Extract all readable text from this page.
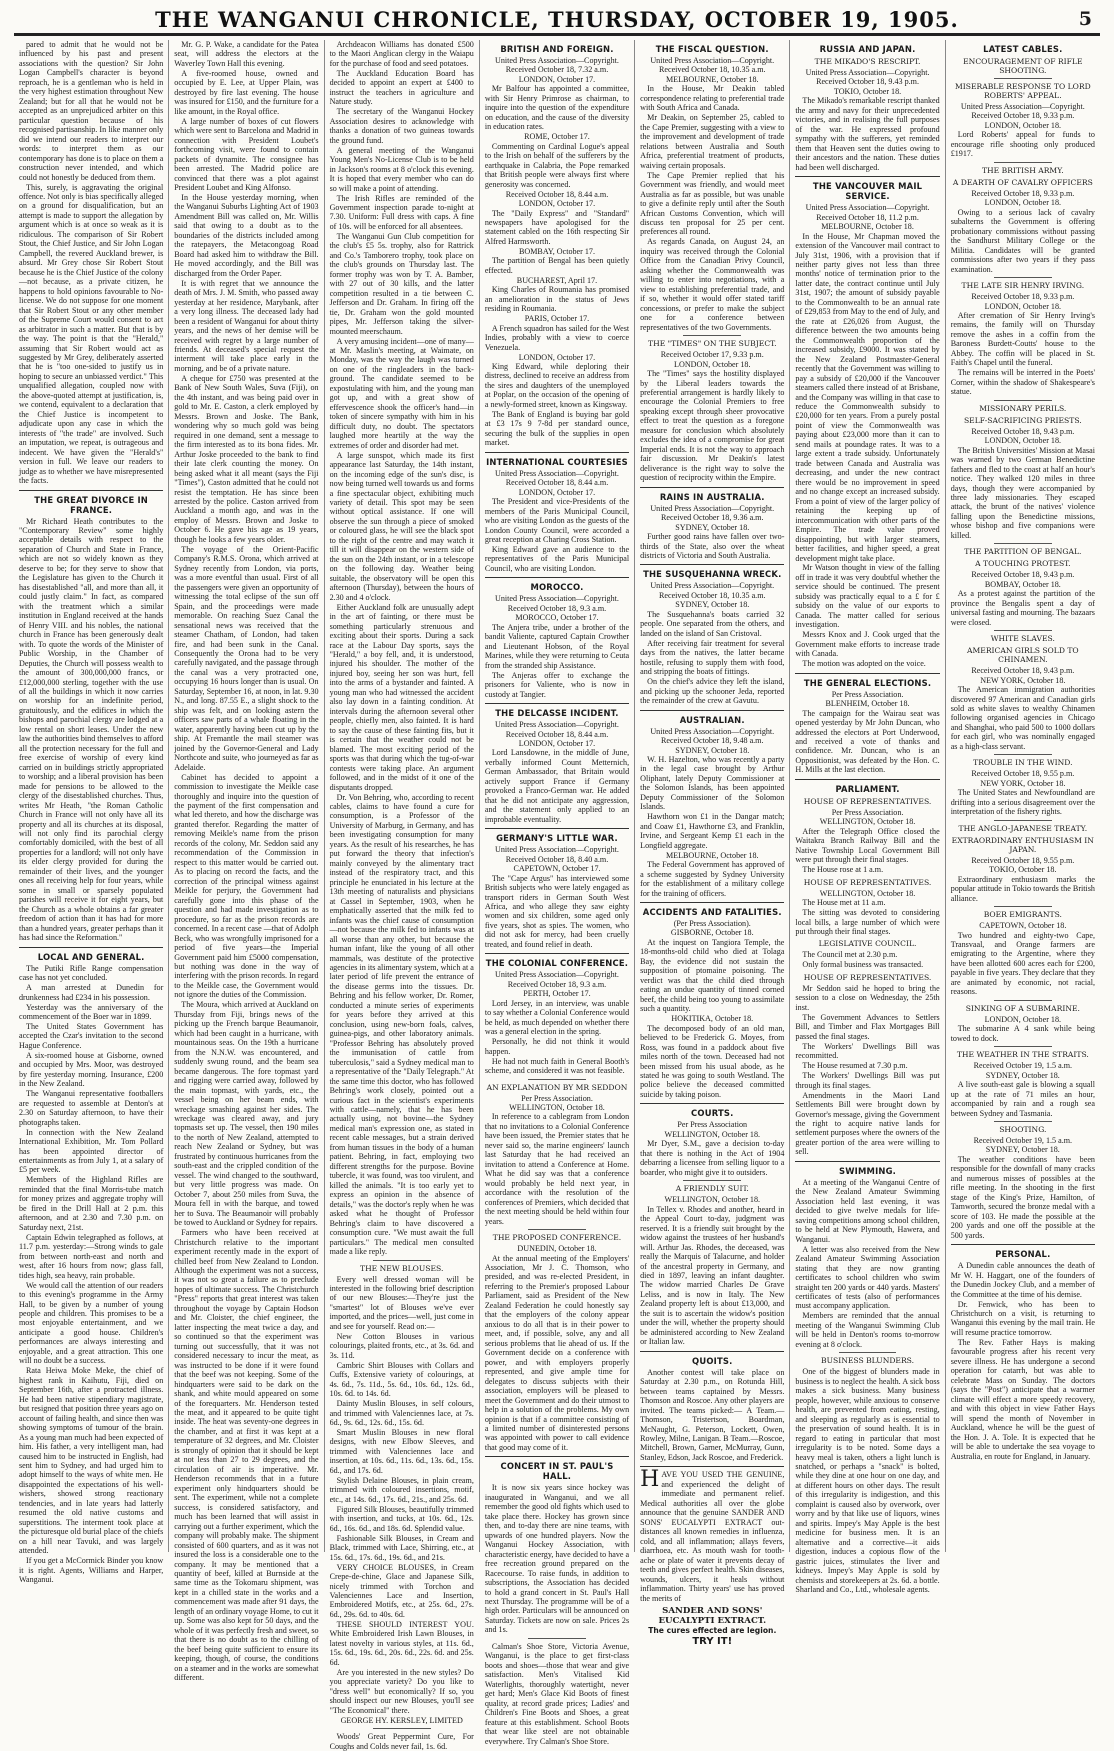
THE WANGANUI CHRONICLE, THURSDAY, OCTOBER 19, 1905.	5

pared to admit that he would not be influenced by his past and present associations with the question? Sir John Logan Campbell's character is beyond reproach, he is a gentleman who is held in the very highest estimation throughout New Zealand; but for all that he would not be accepted as an unprejudiced arbiter on this particular question because of his recognised partisanship. In like manner only did we intend our readers to interpret our words: to interpret them as our contemporary has done is to place on them a construction never intended, and which could not honestly be deduced from them.

This, surely, is aggravating the original offence. Not only is bias specifically alleged on a ground for disqualification, but an attempt is made to support the allegation by argument which is at once so weak as it is ridiculous. The comparison of Sir Robert Stout, the Chief Justice, and Sir John Logan Campbell, the revered Auckland brewer, is absurd. Mr Grey chose Sir Robert Stout because he is the Chief Justice of the colony—not because, as a private citizen, he happens to hold opinions favourable to No-license. We do not suppose for one moment that Sir Robert Stout or any other member of the Supreme Court would consent to act as arbitrator in such a matter. But that is by the way. The point is that the "Herald," assuming that Sir Robert would act as suggested by Mr Grey, deliberately asserted that he is "too one-sided to justify us in hoping to secure an unbiassed verdict." This unqualified allegation, coupled now with the above-quoted attempt at justification, is, we contend, equivalent to a declaration that the Chief Justice is incompetent to adjudicate upon any case in which the interests of "the trade" are involved. Such an imputation, we repeat, is outrageous and indecent. We have given the "Herald's" version in full. We leave our readers to judge as to whether we have misrepresented the facts.

THE GREAT DIVORCE IN FRANCE.

Mr Richard Heath contributes to the "Contemporary Review" some highly acceptable details with respect to the separation of Church and State in France, which are not so widely known as they deserve to be; for they serve to show that the Legislature has given to the Church it has disestablished "all, and more than all, it could justly claim." In fact, as compared with the treatment which a similar institution in England received at the hands of Henry VIII. and his nobles, the national church in France has been generously dealt with. To quote the words of the Minister of Public Worship, in the Chamber of Deputies, the Church will possess wealth to the amount of 300,000,000 francs, or £12,000,000 sterling, together with the use of all the buildings in which it now carries on worship for an indefinite period, gratuitously, and the edifices in which the bishops and parochial clergy are lodged at a low rental on short leases. Under the new law the authorities bind themselves to afford all the protection necessary for the full and free exercise of worship of every kind carried on in buildings strictly appropriated to worship; and a liberal provision has been made for pensions to be allowed to the clergy of the disestablished churches. Thus, writes Mr Heath, "the Roman Catholic Church in France will not only have all its property and all its churches at its disposal, will not only find its parochial clergy comfortably domiciled, with the best of all properties for a landlord; will not only have its elder clergy provided for during the remainder of their lives, and the younger ones all receiving help for four years, while some in small or sparsely populated parishes will receive it for eight years, but the Church as a whole obtains a far greater freedom of action than it has had for more than a hundred years, greater perhaps than it has had since the Reformation."

LOCAL AND GENERAL.

The Putiki Rifle Range compensation case has not yet concluded.

A man arrested at Dunedin for drunkenness had £234 in his possession.

Yesterday was the anniversary of the commencement of the Boer war in 1899.

The United States Government has accepted the Czar's invitation to the second Hague Conference.

A six-roomed house at Gisborne, owned and occupied by Mrs. Moor, was destroyed by fire yesterday morning. Insurance, £200 in the New Zealand.

The Wanganui representative footballers are requested to assemble at Denton's at 2.30 on Saturday afternoon, to have their photographs taken.

In connection with the New Zealand International Exhibition, Mr. Tom Pollard has been appointed director of entertainments as from July 1, at a salary of £5 per week.

Members of the Highland Rifles are reminded that the final Morris-tube match for money prizes and aggregate trophy will be fired in the Drill Hall at 2 p.m. this afternoon, and at 2.30 and 7.30 p.m. on Saturday next, 21st.

Captain Edwin telegraphed as follows, at 11.7 p.m. yesterday:—Strong winds to gale from between north-east and north and west, after 16 hours from now; glass fall, tides high, sea heavy, rain probable.

We would call the attention of our readers to this evening's programme in the Army Hall, to be given by a number of young people and children. This promises to be a most enjoyable entertainment, and we anticipate a good house. Children's performances are always interesting and enjoyable, and a great attraction. This one will no doubt be a success.

Rata Heiwa Moke Meke, the chief of highest rank in Kaihutu, Fiji, died on September 16th, after a protracted illness. He had been native stipendiary magistrate, but resigned that position three years ago on account of failing health, and since then was showing symptoms of tumour of the brain. As a young man much had been expected of him. His father, a very intelligent man, had caused him to be instructed in English, had sent him to Sydney, and had urged him to adopt himself to the ways of white men. He disappointed the expectations of his well-wishers, showed strong reactionary tendencies, and in late years had latterly resumed the old native customs and superstitions. The interment took place at the picturesque old burial place of the chiefs on a hill near Tavuki, and was largely attended.

If you get a McCormick Binder you know it is right. Agents, Williams and Harper, Wanganui.

Mr. G. P. Wake, a candidate for the Patea seat, will address the electors at the Waverley Town Hall this evening.

A five-roomed house, owned and occupied by E. Lee, at Upper Plain, was destroyed by fire last evening. The house was insured for £150, and the furniture for a like amount, in the Royal office.

A large number of boxes of cut flowers which were sent to Barcelona and Madrid in connection with President Loubet's forthcoming visit, were found to contain packets of dynamite. The consignee has been arrested. The Madrid police are convinced that there was a plot against President Loubet and King Alfonso.

In the House yesterday morning, when the Wanganui Suburbs Lighting Act of 1903 Amendment Bill was called on, Mr. Willis said that owing to a doubt as to the boundaries of the districts included among the ratepayers, the Metacongoag Road Board had asked him to withdraw the Bill. He moved accordingly, and the Bill was discharged from the Order Paper.

It is with regret that we announce the death of Mrs. J. M. Smith, who passed away yesterday at her residence, Marybank, after a very long illness. The deceased lady had been a resident of Wanganui for about thirty years, and the news of her demise will be received with regret by a large number of friends. At deceased's special request the interment will take place early in the morning, and be of a private nature.

A cheque for £750 was presented at the Bank of New South Wales, Suva (Fiji), on the 4th instant, and was being paid over in gold to Mr. E. Caston, a clerk employed by Messrs. Brown and Joske. The Bank, wondering why so much gold was being required in one demand, sent a message to the firm interested as to its bona fides. Mr. Arthur Joske proceeded to the bank to find their late clerk counting the money. On being asked what it all meant (says the Fiji "Times"), Caston admitted that he could not resist the temptation. He has since been arrested by the police. Caston arrived from Auckland a month ago, and was in the employ of Messrs. Brown and Joske to October 6. He gave his age as 19 years, though he looks a few years older.

The voyage of the Orient-Pacific Company's R.M.S. Orona, which arrived at Sydney recently from London, via ports, was a more eventful than usual. First of all the passengers were given an opportunity of witnessing the total eclipse of the sun off Spain, and the proceedings were made memorable. On reaching Suez Canal the sensational news was received that the steamer Chatham, of London, had taken fire, and had been sunk in the Canal. Consequently the Orona had to be very carefully navigated, and the passage through the canal was a very protracted one, occupying 16 hours longer than is usual. On Saturday, September 16, at noon, in lat. 9.30 N., and long. 87.55 E., a slight shock to the ship was felt, and on looking astern the officers saw parts of a whale floating in the water, apparently having been cut up by the ship. At Fremantle the mail steamer was joined by the Governor-General and Lady Northcote and suite, who journeyed as far as Adelaide.

Cabinet has decided to appoint a commission to investigate the Meikle case thoroughly and inquire into the question of the payment of the first compensation and what led thereto, and how the discharge was granted therefor. Regarding the matter of removing Meikle's name from the prison records of the colony, Mr. Seddon said any recommendation of the Commission in respect to this matter would be carried out. As to placing on record the facts, and the correction of the principal witness against Meikle for perjury, the Government had carefully gone into this phase of the question and had made investigation as to procedure, so far as the prison records are concerned. In a recent case —that of Adolph Beck, who was wrongfully imprisoned for a period of five years—the Imperial Government paid him £5000 compensation, but nothing was done in the way of interfering with the prison records. In regard to the Meikle case, the Government would not ignore the duties of the Commission.

The Moura, which arrived at Auckland on Thursday from Fiji, brings news of the picking up the French barque Beaumanoir, which had been caught in a hurricane, with mountainous seas. On the 19th a hurricane from the N.N.W. was encountered, and suddenly swung round, and the beam sea became dangerous. The fore topmast yard and rigging were carried away, followed by the main topmast, with yards, etc., the vessel being on her beam ends, with wreckage smashing against her sides. The wreckage was cleared away, and jury topmasts set up. The vessel, then 190 miles to the north of New Zealand, attempted to reach New Zealand or Sydney, but was frustrated by continuous hurricanes from the south-east and the crippled condition of the vessel. The wind changed to the southward, but very little progress was made. On October 7, about 250 miles from Suva, the Moura fell in with the barque, and towed her to Suva. The Beaumanoir will probably be towed to Auckland or Sydney for repairs.

Farmers who have been received at Christchurch relative to the important experiment recently made in the export of chilled beef from New Zealand to London. Although the experiment was not a success, it was not so great a failure as to preclude hopes of ultimate success. The Christchurch "Press" reports that great interest was taken throughout the voyage by Captain Hodson and Mr. Cloister, the chief engineer, the latter inspecting the meat twice a day, and so continued so that the experiment was turning out successfully, that it was not considered necessary to incur the meat, as was instructed to be done if it were found that the beef was not keeping. Some of the hindquarters were said to be dark on the shank, and white mould appeared on some of the forequarters. Mr. Henderson tested the meat, and it appeared to be quite tight inside. The heat was seventy-one degrees in the chamber, and at first it was kept at a temperature of 32 degrees, and Mr. Cloister is strongly of opinion that it should be kept at not less than 27 to 29 degrees, and the circulation of air is imperative. Mr. Henderson recommends that in a future experiment only hindquarters should be sent. The experiment, while not a complete success, is considered satisfactory, and much has been learned that will assist in carrying out a further experiment, which the company will probably make. The shipment consisted of 600 quarters, and as it was not insured the loss is a considerable one to the company. It may be mentioned that a quantity of beef, killed at Burnside at the same time as the Tokomaru shipment, was kept in a chilled state in the works and a commencement was made after 91 days, the length of an ordinary voyage Home, to cut it up. Some was also kept for 50 days, and the whole of it was perfectly fresh and sweet, so that there is no doubt as to the chilling of the beef being quite sufficient to ensure its keeping, though, of course, the conditions on a steamer and in the works are somewhat different.

Archdeacon Williams has donated £500 to the Maori Anglican clergy in the Waiapu for the purchase of food and seed potatoes.

The Auckland Education Board has decided to appoint an expert at £400 to instruct the teachers in agriculture and Nature study.

The secretary of the Wanganui Hockey Association desires to acknowledge with thanks a donation of two guineas towards the ground fund.

A general meeting of the Wanganui Young Men's No-License Club is to be held in Jackson's rooms at 8 o'clock this evening. It is hoped that every member who can do so will make a point of attending.

The Irish Rifles are reminded of the Government inspection parade to-night at 7.30. Uniform: Full dress with caps. A fine of 10s. will be enforced for all absentees.

The Wanganui Gun Club competition for the club's £5 5s. trophy, also for Rattrick and Co.'s Tamborero trophy, took place on the club's grounds on Thursday last. The former trophy was won by T. A. Bamber, with 27 out of 30 kills, and the latter competition resulted in a tie between C. Jefferson and Dr. Graham. In firing off the tie, Dr. Graham won the gold mounted pipes, Mr. Jefferson taking the silver-mounted meerschaum.

A very amusing incident—one of many—at Mr. Maslin's meeting, at Waimate, on Monday, was the way the laugh was turned on one of the ringleaders in the back-ground. The candidate seemed to be expostulating with him, and the young man got up, and with a great show of effervescence shook the officer's hand—in token of sincere sympathy with him in his difficult duty, no doubt. The spectators laughed more heartily at the way the extremes of order and disorder had met.

A large sunspot, which made its first appearance last Saturday, the 14th instant, on the incoming edge of the sun's disc, is now being turned well towards us and forms a fine spectacular object, exhibiting much variety of detail. This spot may be seen without optical assistance. If one will observe the sun through a piece of smoked or coloured glass, he will see the black spot to the right of the centre and may watch it till it will disappear on the western side of the sun on the 24th instant, or in a telescope on the following day. Weather being suitable, the observatory will be open this afternoon (Thursday), between the hours of 2.30 and 4 o'clock.

Either Auckland folk are unusually adept in the art of fainting, or there must be something particularly strenuous and exciting about their sports. During a sack race at the Labour Day sports, says the "Herald," a boy fell, and, it is understood, injured his shoulder. The mother of the injured boy, seeing her son was hurt, fell into the arms of a bystander and fainted. A young man who had witnessed the accident also lay down in a fainting condition. At intervals during the afternoon several other people, chiefly men, also fainted. It is hard to say the cause of these fainting fits, but it is certain that the weather could not be blamed. The most exciting period of the sports was that during which the tug-of-war contests were taking place. An argument followed, and in the midst of it one of the disputants dropped.

Dr. Von Behring, who, according to recent cables, claims to have found a cure for consumption, is a Professor of the University of Marburg, in Germany, and has been investigating consumption for many years. As the result of his researches, he has put forward the theory that infection's mainly conveyed by the alimentary tract instead of the respiratory tract, and this principle he enunciated in his lecture at the 13th meeting of naturalists and physicians at Cassel in September, 1903, when he emphatically asserted that the milk fed to infants was the chief cause of consumption—not because the milk fed to infants was at all worse than any other, but because the human infant, like the young of all other mammals, was destitute of the protective agencies in its alimentary system, which at a later period of life prevent the entrance of the disease germs into the tissues. Dr. Behring and his fellow worker, Dr. Romer, conducted a minute series of experiments for years before they arrived at this conclusion, using new-born foals, calves, guinea-pigs, and other laboratory animals. "Professor Behring has absolutely proved the immunisation of cattle from tuberculosis," said a Sydney medical man to a representative of the "Daily Telegraph." At the same time this doctor, who has followed Behring's work closely, pointed out a curious fact in the scientist's experiments with cattle—namely, that he has been actually using, not bovine—the Sydney medical man's expression one, as stated in recent cable messages, but a strain derived from human tissues in the body of a human patient. Behring, in fact, employing two different strengths for the purpose. Bovine tubercle, it was found, was too virulent, and killed the animals. "It is too early yet to express an opinion in the absence of details," was the doctor's reply when he was asked what he thought of Professor Behring's claim to have discovered a consumption cure. "We must await the full particulars." The medical men consulted made a like reply.

THE NEW BLOUSES.

Every well dressed woman will be interested in the following brief description of our new Blouses:—They're just the "smartest" lot of Blouses we've ever imported, and the prices—well, just come in and see for yourself. Read on:—

New Cotton Blouses in various colourings, plaited fronts, etc., at 3s. 6d. and 3s. 11d.

Cambric Shirt Blouses with Collars and Cuffs, Extensive variety of colourings, at 4s. 6d., 7s. 11d., 5s. 6d., 10s. 6d., 12s. 6d., 10s. 6d. to 14s. 6d.

Dainty Muslin Blouses, in self colours, and trimmed with Valenciennes lace, at 7s. 6d., 9s. 6d., 12s. 6d., 15s. 6d.

Smart Muslin Blouses in new floral designs, with new Elbow Sleeves, and trimmed with Valenciennes lace and insertion, at 10s. 6d., 11s. 6d., 13s. 6d., 15s. 6d., and 17s. 6d.

Stylish Delaine Blouses, in plain cream, trimmed with coloured insertions, motif, etc., at 14s. 6d., 17s. 6d., 21s., and 25s. 6d.

Figured Silk Blouses, beautifully trimmed with insertion, and tucks, at 10s. 6d., 12s. 6d., 16s. 6d., and 18s. 6d. Splendid value.

Fashionable Silk Blouses, in Cream and Black, trimmed with Lace, Shirring, etc., at 15s. 6d., 17s. 6d., 19s. 6d., and 21s.

VERY CHOICE BLOUSES, in Cream Crepe-de-chine, Glace and Japanese Silk, nicely trimmed with Torchon and Valenciennes Lace and Insertion, Embroidered Motifs, etc., at 25s. 6d., 27s. 6d., 29s. 6d. to 40s. 6d.

THESE SHOULD INTEREST YOU. White Embroidered Irish Lawn Blouses, in latest novelty in various styles, at 11s. 6d., 15s. 6d., 19s. 6d., 20s. 6d., 22s. 6d. and 25s. 6d.

Are you interested in the new styles? Do you appreciate variety? Do you like to "dress well" but economically? If so, you should inspect our new Blouses, you'll see "The Economical" there.

GEORGE HY. KERSLEY, LIMITED

Woods' Great Peppermint Cure, For Coughs and Colds never fail, 1s. 6d.

BRITISH AND FOREIGN.
United Press Association—Copyright. Received October 18, 7.32 a.m.
LONDON, October 17.

Mr Balfour has appointed a committee, with Sir Henry Primrose as chairman, to inquire into the question of the expenditure on education, and the cause of the diversity in education rates.

ROME, October 17.

Commenting on Cardinal Logue's appeal to the Irish on behalf of the sufferers by the earthquake in Calabria, the Pope remarked that British people were always first where generosity was concerned.

Received October 18, 8.44 a.m.
LONDON, October 17.

The "Daily Express" and "Standard" newspapers have apologised for the statement cabled on the 16th respecting Sir Alfred Harmsworth.

BOMBAY, October 17.

The partition of Bengal has been quietly effected.

BUCHAREST, April 17.

King Charles of Roumania has promised an amelioration in the status of Jews residing in Roumania.

PARIS, October 17.

A French squadron has sailed for the West Indies, probably with a view to coerce Venezuela.

LONDON, October 17.

King Edward, while deploring their distress, declined to receive an address from the sires and daughters of the unemployed at Poplar, on the occasion of the opening of a newly-formed street, known as Kingsway.

The Bank of England is buying bar gold at £3 17s 9 7-8d per standard ounce, securing the bulk of the supplies in open market.

INTERNATIONAL COURTESIES
United Press Association—Copyright. Received October 18, 8.44 a.m.
LONDON, October 17.

The President and vice-Presidents of the members of the Paris Municipal Council, who are visiting London as the guests of the London County Council, were accorded a great reception at Charing Cross Station.

King Edward gave an audience to the representatives of the Paris Municipal Council, who are visiting London.

MOROCCO.
United Press Association—Copyright. Received October 18, 9.3 a.m.
MOROCCO, October 17.

The Anjera tribe, under a brother of the bandit Valiente, captured Captain Crowther and Lieutenant Hobson, of the Royal Marines, while they were returning to Ceuta from the stranded ship Assistance.

The Anjeras offer to exchange the prisoners for Valiente, who is now in custody at Tangier.

THE DELCASSE INCIDENT.
United Press Association—Copyright. Received October 18, 8.44 a.m.
LONDON, October 17.

Lord Lansdowne, in the middle of June, verbally informed Count Metternich, German Ambassador, that Britain would actively support France if Germany provoked a Franco-German war. He added that he did not anticipate any aggression, and the statement only applied to an improbable eventuality.

GERMANY'S LITTLE WAR.
United Press Association—Copyright. Received October 18, 8.40 a.m.
CAPETOWN, October 17.

The "Cape Argus" has interviewed some British subjects who were lately engaged as transport riders in German South West Africa, and who allege they saw eighty women and six children, some aged only five years, shot as spies. The women, who did not ask for mercy, had been cruelly treated, and found relief in death.

THE COLONIAL CONFERENCE.
United Press Association—Copyright. Received October 18, 9.3 a.m.
PERTH, October 17.

Lord Jersey, in an interview, was unable to say whether a Colonial Conference would be held, as much depended on whether there was a general election in the spring.

Personally, he did not think it would happen.

He had not much faith in General Booth's scheme, and considered it was not feasible.

AN EXPLANATION BY MR SEDDON
Per Press Association.
WELLINGTON, October 18.

In reference to a cablegram from London that no invitations to a Colonial Conference have been issued, the Premier states that he never said so, the marine engineers' launch last Saturday that he had received an invitation to attend a Conference at Home. What he did say was that a conference would probably be held next year, in accordance with the resolution of the conferences of Premiers, which decided that the next meeting should be held within four years.

THE PROPOSED CONFERENCE.
DUNEDIN, October 18.

At the annual meeting of the Employers' Association, Mr J. C. Thomson, who presided, and was re-elected President, in referring to the Premier's proposed Labour Parliament, said as President of the New Zealand Federation he could honestly say that the employers of the colony appear anxious to do all that is in their power to meet, and, if possible, solve, any and all serious problems that lie ahead of us. If the Government decide on a conference with power, and with employers properly represented, and give ample time for delegates to discuss subjects with their association, employers will be pleased to meet the Government and do their utmost to help in a solution of the problems. My own opinion is that if a committee consisting of a limited number of disinterested persons was appointed with power to call evidence that good may come of it.

CONCERT IN ST. PAUL'S HALL.

It is now six years since hockey was inaugurated in Wanganui, and we all remember the good old fights which used to take place there. Hockey has grown since then, and to-day there are nine teams, with upwards of one hundred players. Now the Wanganui Hockey Association, with characteristic energy, have decided to have a free recreation ground prepared on the Racecourse. To raise funds, in addition to subscriptions, the Association has decided to hold a grand concert in St. Paul's Hall next Thursday. The programme will be of a high order. Particulars will be announced on Saturday. Tickets are now on sale. Prices 2s and 1s.

Calman's Shoe Store, Victoria Avenue, Wanganui, is the place to get first-class boots and shoes—those that wear and give satisfaction. Men's Vitalised Kid Waterlights, thoroughly watertight, never get hard; Men's Glace Kid Boots of finest quality, at record grade prices; Ladies' and Children's Fine Boots and Shoes, a great feature at this establishment. School Boots that wear like steel are not obtainable everywhere. Try Calman's Shoe Store.

THE FISCAL QUESTION.
United Press Association—Copyright. Received October 18, 10.35 a.m.
MELBOURNE, October 18.

In the House, Mr Deakin tabled correspondence relating to preferential trade with South Africa and Canada.

Mr Deakin, on September 25, cabled to the Cape Premier, suggesting with a view to the improvement and development of trade relations between Australia and South Africa, preferential treatment of products, waiving certain proposals.

The Cape Premier replied that his Government was friendly, and would meet Australia as far as possible, but was unable to give a definite reply until after the South African Customs Convention, which will discuss ten proposal for 25 per cent. preferences all round.

As regards Canada, on August 24, an inquiry was received through the Colonial Office from the Canadian Privy Council, asking whether the Commonwealth was willing to enter into negotiations, with a view to establishing preferential trade, and if so, whether it would offer stated tariff concessions, or prefer to make the subject one for a conference between representatives of the two Governments.

THE "TIMES" ON THE SUBJECT.
Received October 17, 9.33 p.m.
LONDON, October 18.

The "Times" says the hostility displayed by the Liberal leaders towards the preferential arrangement is hardly likely to encourage the Colonial Premiers to free speaking except through sheer provocative effect to treat the question as a foregone measure for conclusion which absolutely excludes the idea of a compromise for great Imperial ends. It is not the way to approach fair discussion. Mr Deakin's latest deliverance is the right way to solve the question of reciprocity within the Empire.

RAINS IN AUSTRALIA.
United Press Association—Copyright. Received October 18, 9.36 a.m.
SYDNEY, October 18.

Further good rains have fallen over two-thirds of the State, also over the wheat districts of Victoria and South Australia.

THE SUSQUEHANNA WRECK.
United Press Association—Copyright. Received October 18, 10.35 a.m.
SYDNEY, October 18.

The Susquehanna's boats carried 32 people. One separated from the others, and landed on the island of San Cristoval.

After receiving fair treatment for several days from the natives, the latter became hostile, refusing to supply them with food, and stripping the boats of fittings.

On the chief's advice they left the island, and picking up the schooner Jeda, reported the remainder of the crew at Gavutu.

AUSTRALIAN.
United Press Association—Copyright. Received October 18, 9.48 a.m.
SYDNEY, October 18.

W. H. Hazelton, who was recently a party in the legal case brought by Arthur Oliphant, lately Deputy Commissioner at the Solomon Islands, has been appointed Deputy Commissioner of the Solomon Islands.

Hawthorn won £1 in the Dangar match; and Coaw £1, Hawthorne £3, and Franklin, Irvine, and Sergeant Kemp £1 each in the Longfield aggregate.

MELBOURNE, October 18.

The Federal Government has approved of a scheme suggested by Sydney University for the establishment of a military college for the training of officers.

ACCIDENTS AND FATALITIES.
(Per Press Association).
GISBORNE, October 18.

At the inquest on Tangiora Temple, the 18-months-old child who died at Tolaga Bay, the evidence did not sustain the supposition of ptomaine poisoning. The verdict was that the child died through eating an undue quantity of tinned corned beef, the child being too young to assimilate such a quantity.

HOKITIKA, October 18.

The decomposed body of an old man, believed to be Frederick G. Moyes, from Ross, was found in a paddock about five miles north of the town. Deceased had not been missed from his usual abode, as he stated he was going to south Westland. The police believe the deceased committed suicide by taking poison.

COURTS.
Per Press Association
WELLINGTON, October 18.

Mr Dyer, S.M., gave a decision to-day that there is nothing in the Act of 1904 debarring a licensee from selling liquor to a boarder, who might give it to outsiders.

A FRIENDLY SUIT.
WELLINGTON, October 18.

In Tellex v. Rhodes and another, heard in the Appeal Court to-day, judgment was reserved. It is a friendly suit brought by the widow against the trustees of her husband's will. Arthur Jas. Rhodes, the deceased, was really the Marquis of Talacurne, and holder of the ancestral property in Germany, and died in 1897, leaving an infant daughter. The widow married Charles De Grave Leliss, and is now in Italy. The New Zealand property left is about £13,000, and the suit is to ascertain the widow's position under the will, whether the property should be administered according to New Zealand or Italian law.

QUOITS.

Another contest will take place on Saturday at 2.30 p.m., on Rotunda Hill, between teams captained by Messrs. Thomson and Roscoe. Any other players are invited. The teams picked:— A Team.—Thomson, Tristertson, Boardman, McNaught, G. Peterson, Lockett, Owen, Rowley, Milne, Lanigan. B Team.—Roscoe, Mitchell, Brown, Garner, McMurray, Gunn, Stanley, Edson, Jack Roscoe, and Frederick.

HAVE YOU USED THE GENUINE, and experienced the delight of immediate and permanent relief. Medical authorities all over the globe announce that the genuine SANDER AND SONS' EUCALYPTI EXTRACT out-distances all known remedies in influenza, cold, and all inflammation; allays fevers, diarrhoea, etc. As mouth wash for tooth-ache or plate of water it prevents decay of teeth and gives perfect health. Skin diseases, wounds, ulcers, it heals without inflammation. Thirty years' use has proved the merits of

SANDER AND SONS' EUCALYPTI EXTRACT.
The cures effected are legion.
TRY IT!
RUSSIA AND JAPAN.
THE MIKADO'S RESCRIPT.
United Press Association—Copyright. Received October 18, 9.43 p.m.
TOKIO, October 18.

The Mikado's remarkable rescript thanked the army and navy for their unprecedented victories, and in realising the full purposes of the war. He expressed profound sympathy with the sufferers, yet reminded them that Heaven sent the duties owing to their ancestors and the nation. These duties had been well discharged.

THE VANCOUVER MAIL SERVICE.
United Press Association—Copyright. Received October 18, 11.2 p.m.
MELBOURNE, October 18.

In the House, Mr Chapman moved the extension of the Vancouver mail contract to July 31st, 1906, with a provision that if neither party gives not less than three months' notice of termination prior to the latter date, the contract continue until July 31st, 1907; the amount of subsidy payable to the Commonwealth to be an annual rate of £29,853 from May to the end of July, and the rate at £26,026 from August, the difference between the two amounts being the Commonwealth proportion of the increased subsidy, £9000. It was stated by the New Zealand Postmaster-General recently that the Government was willing to pay a subsidy of £20,000 if the Vancouver steamers called there instead of at Brisbane, and the Company was willing in that case to reduce the Commonwealth subsidy to £20,000 for ten years. From a purely postal point of view the Commonwealth was paying about £23,000 more than it can to send mails at poundage rates. It was to a large extent a trade subsidy. Unfortunately trade between Canada and Australia was decreasing, and under the new contract there would be no improvement in speed and no change except an increased subsidy. From a point of view of the larger policy of retaining the keeping up of intercommunication with other parts of the Empire. The trade value proved disappointing, but with larger steamers, better facilities, and higher speed, a great development might take place.

Mr Watson thought in view of the falling off in trade it was very doubtful whether the service should be continued. The present subsidy was practically equal to a £ for £ subsidy on the value of our exports to Canada. The matter called for serious investigation.

Messrs Knox and J. Cook urged that the Government make efforts to increase trade with Canada.

The motion was adopted on the voice.

THE GENERAL ELECTIONS.
Per Press Association.
BLENHEIM, October 18.

The campaign for the Wairau seat was opened yesterday by Mr John Duncan, who addressed the electors at Port Underwood, and received a vote of thanks and confidence. Mr. Duncan, who is an Oppositionist, was defeated by the Hon. C. H. Mills at the last election.

PARLIAMENT.
HOUSE OF REPRESENTATIVES.
Per Press Association.
WELLINGTON, October 18.

After the Telegraph Office closed the Waitakra Branch Railway Bill and the Native Township Local Government Bill were put through their final stages.

The House rose at 1 a.m.

HOUSE OF REPRESENTATIVES.
WELLINGTON, October 18.

The House met at 11 a.m.

The sitting was devoted to considering local bills, a large number of which were put through their final stages.

LEGISLATIVE COUNCIL.

The Council met at 2.30 p.m.

Only formal business was transacted.

HOUSE OF REPRESENTATIVES.

Mr Seddon said he hoped to bring the session to a close on Wednesday, the 25th inst.

The Government Advances to Settlers Bill, and Timber and Flax Mortgages Bill passed the final stages.

The Workers' Dwellings Bill was recommitted.

The House resumed at 7.30 p.m.

The Workers' Dwellings Bill was put through its final stages.

Amendments in the Maori Land Settlements Bill were brought down by Governor's message, giving the Government the right to acquire native lands for settlement purposes where the owners of the greater portion of the area were willing to sell.

SWIMMING.

At a meeting of the Wanganui Centre of the New Zealand Amateur Swimming Association held last evening, it was decided to give twelve medals for life-saving competitions among school children, to be held at New Plymouth, Hawera, and Wanganui.

A letter was also received from the New Zealand Amateur Swimming Association stating that they are now granting certificates to school children who swim straight ten 200 yards or 440 yards. Masters' certificates of tests (also of performances must accompany application.

Members are reminded that the annual meeting of the Wanganui Swimming Club will be held in Denton's rooms to-morrow evening at 8 o'clock.

BUSINESS BLUNDERS.

One of the biggest of blunders made in business is to neglect the health. A sick boss makes a sick business. Many business people, however, while anxious to conserve health, are prevented from eating, resting, and sleeping as regularly as is essential to the preservation of sound health. It is in regard to eating in particular that most irregularity is to be noted. Some days a heavy meal is taken, others a light lunch is snatched, or perhaps a "snack" is bolted, while they dine at one hour on one day, and at different hours on other days. The result of this irregularity is indigestion, and this complaint is caused also by overwork, over worry and by that like use of liquors, wines and spirits. Impey's May Apple is the best medicine for business men. It is an alternative and a corrective—it aids digestion, induces a copious flow of the gastric juices, stimulates the liver and kidneys. Impey's May Apple is sold by chemists and storekeepers at 2s. 6d. a bottle. Sharland and Co., Ltd., wholesale agents.

LATEST CABLES.
ENCOURAGEMENT OF RIFLE SHOOTING.
MISERABLE RESPONSE TO LORD ROBERTS' APPEAL.
United Press Association—Copyright. Received October 18, 9.33 p.m.
LONDON, October 18.

Lord Roberts' appeal for funds to encourage rifle shooting only produced £1917.

THE BRITISH ARMY.
A DEARTH OF CAVALRY OFFICERS
Received October 18, 9.33 p.m.
LONDON, October 18.

Owing to a serious lack of cavalry subalterns the Government is offering probationary commissions without passing the Sandhurst Military College or the Militia. Candidates will be granted commissions after two years if they pass examination.

THE LATE SIR HENRY IRVING.
Received October 18, 9.33 p.m.
LONDON, October 18.

After cremation of Sir Henry Irving's remains, the family will on Thursday remove the ashes in a coffin from the Baroness Burdett-Coutts' house to the Abbey. The coffin will be placed in St. Faith's Chapel until the funeral.

The remains will be interred in the Poets' Corner, within the shadow of Shakespeare's statue.

MISSIONARY PERILS.
SELF-SACRIFICING PRIESTS.
Received October 18, 9.43 p.m.
LONDON, October 18.

The British Universities' Mission at Masai was warned by two German Benedictine fathers and fled to the coast at half an hour's notice. They walked 120 miles in three days, though they were accompanied by three lady missionaries. They escaped attack, the brunt of the natives' violence falling upon the Benedictine missions, whose bishop and five companions were killed.

THE PARTITION OF BENGAL.
A TOUCHING PROTEST.
Received October 18, 9.43 p.m.
BOMBAY, October 18.

As a protest against the partition of the province the Bengalis spent a day of universal fasting and mourning. The bazaars were closed.

WHITE SLAVES.
AMERICAN GIRLS SOLD TO CHINAMEN.
Received October 18, 9.43 p.m.
NEW YORK, October 18.

The American immigration authorities discovered 97 American and Canadian girls sold as white slaves to wealthy Chinamen following organised agencies in Chicago and Shanghai, who paid 500 to 1000 dollars for each girl, who was nominally engaged as a high-class servant.

TROUBLE IN THE WIND.
Received October 18, 9.55 p.m.
NEW YORK, October 18.

The United States and Newfoundland are drifting into a serious disagreement over the interpretation of the fishery rights.

THE ANGLO-JAPANESE TREATY.
EXTRAORDINARY ENTHUSIASM IN JAPAN.
Received October 18, 9.55 p.m.
TOKIO, October 18.

Extraordinary enthusiasm marks the popular attitude in Tokio towards the British alliance.

BOER EMIGRANTS.
CAPETOWN, October 18.

Two hundred and eighty-two Cape, Transvaal, and Orange farmers are emigrating to the Argentine, where they have been allotted 600 acres each for £200, payable in five years. They declare that they are animated by economic, not racial, reasons.

SINKING OF A SUBMARINE.
LONDON, October 18.

The submarine A 4 sank while being towed to dock.

THE WEATHER IN THE STRAITS.
Received October 19, 1.5 a.m.
SYDNEY, October 18.

A live south-east gale is blowing a squall up at the rate of 71 miles an hour, accompanied by rain and a rough sea between Sydney and Tasmania.

SHOOTING.
Received October 19, 1.5 a.m.
SYDNEY, October 18.

The weather conditions have been responsible for the downfall of many cracks and numerous misses of possibles at the rifle meeting. In the shooting in the first stage of the King's Prize, Hamilton, of Tamworth, secured the bronze medal with a score of 103. He made the possible at the 200 yards and one off the possible at the 500 yards.

PERSONAL.

A Dunedin cable announces the death of Mr W. H. Haggart, one of the founders of the Dunedin Jockey Club, and a member of the Committee at the time of his demise.

Dr. Fenwick, who has been to Christchurch on a visit, is returning to Wanganui this evening by the mail train. He will resume practice tomorrow.

The Rev. Father Hays is making favourable progress after his recent very severe illness. He has undergone a second operation for catarrh, but was able to celebrate Mass on Sunday. The doctors (says the "Post") anticipate that a warmer climate will effect a more speedy recovery, and with this object in view Father Hays will spend the month of November in Auckland, whence he will be the guest of the Hon. J. A. Tole. It is expected that he will be able to undertake the sea voyage to Australia, en route for England, in January.
